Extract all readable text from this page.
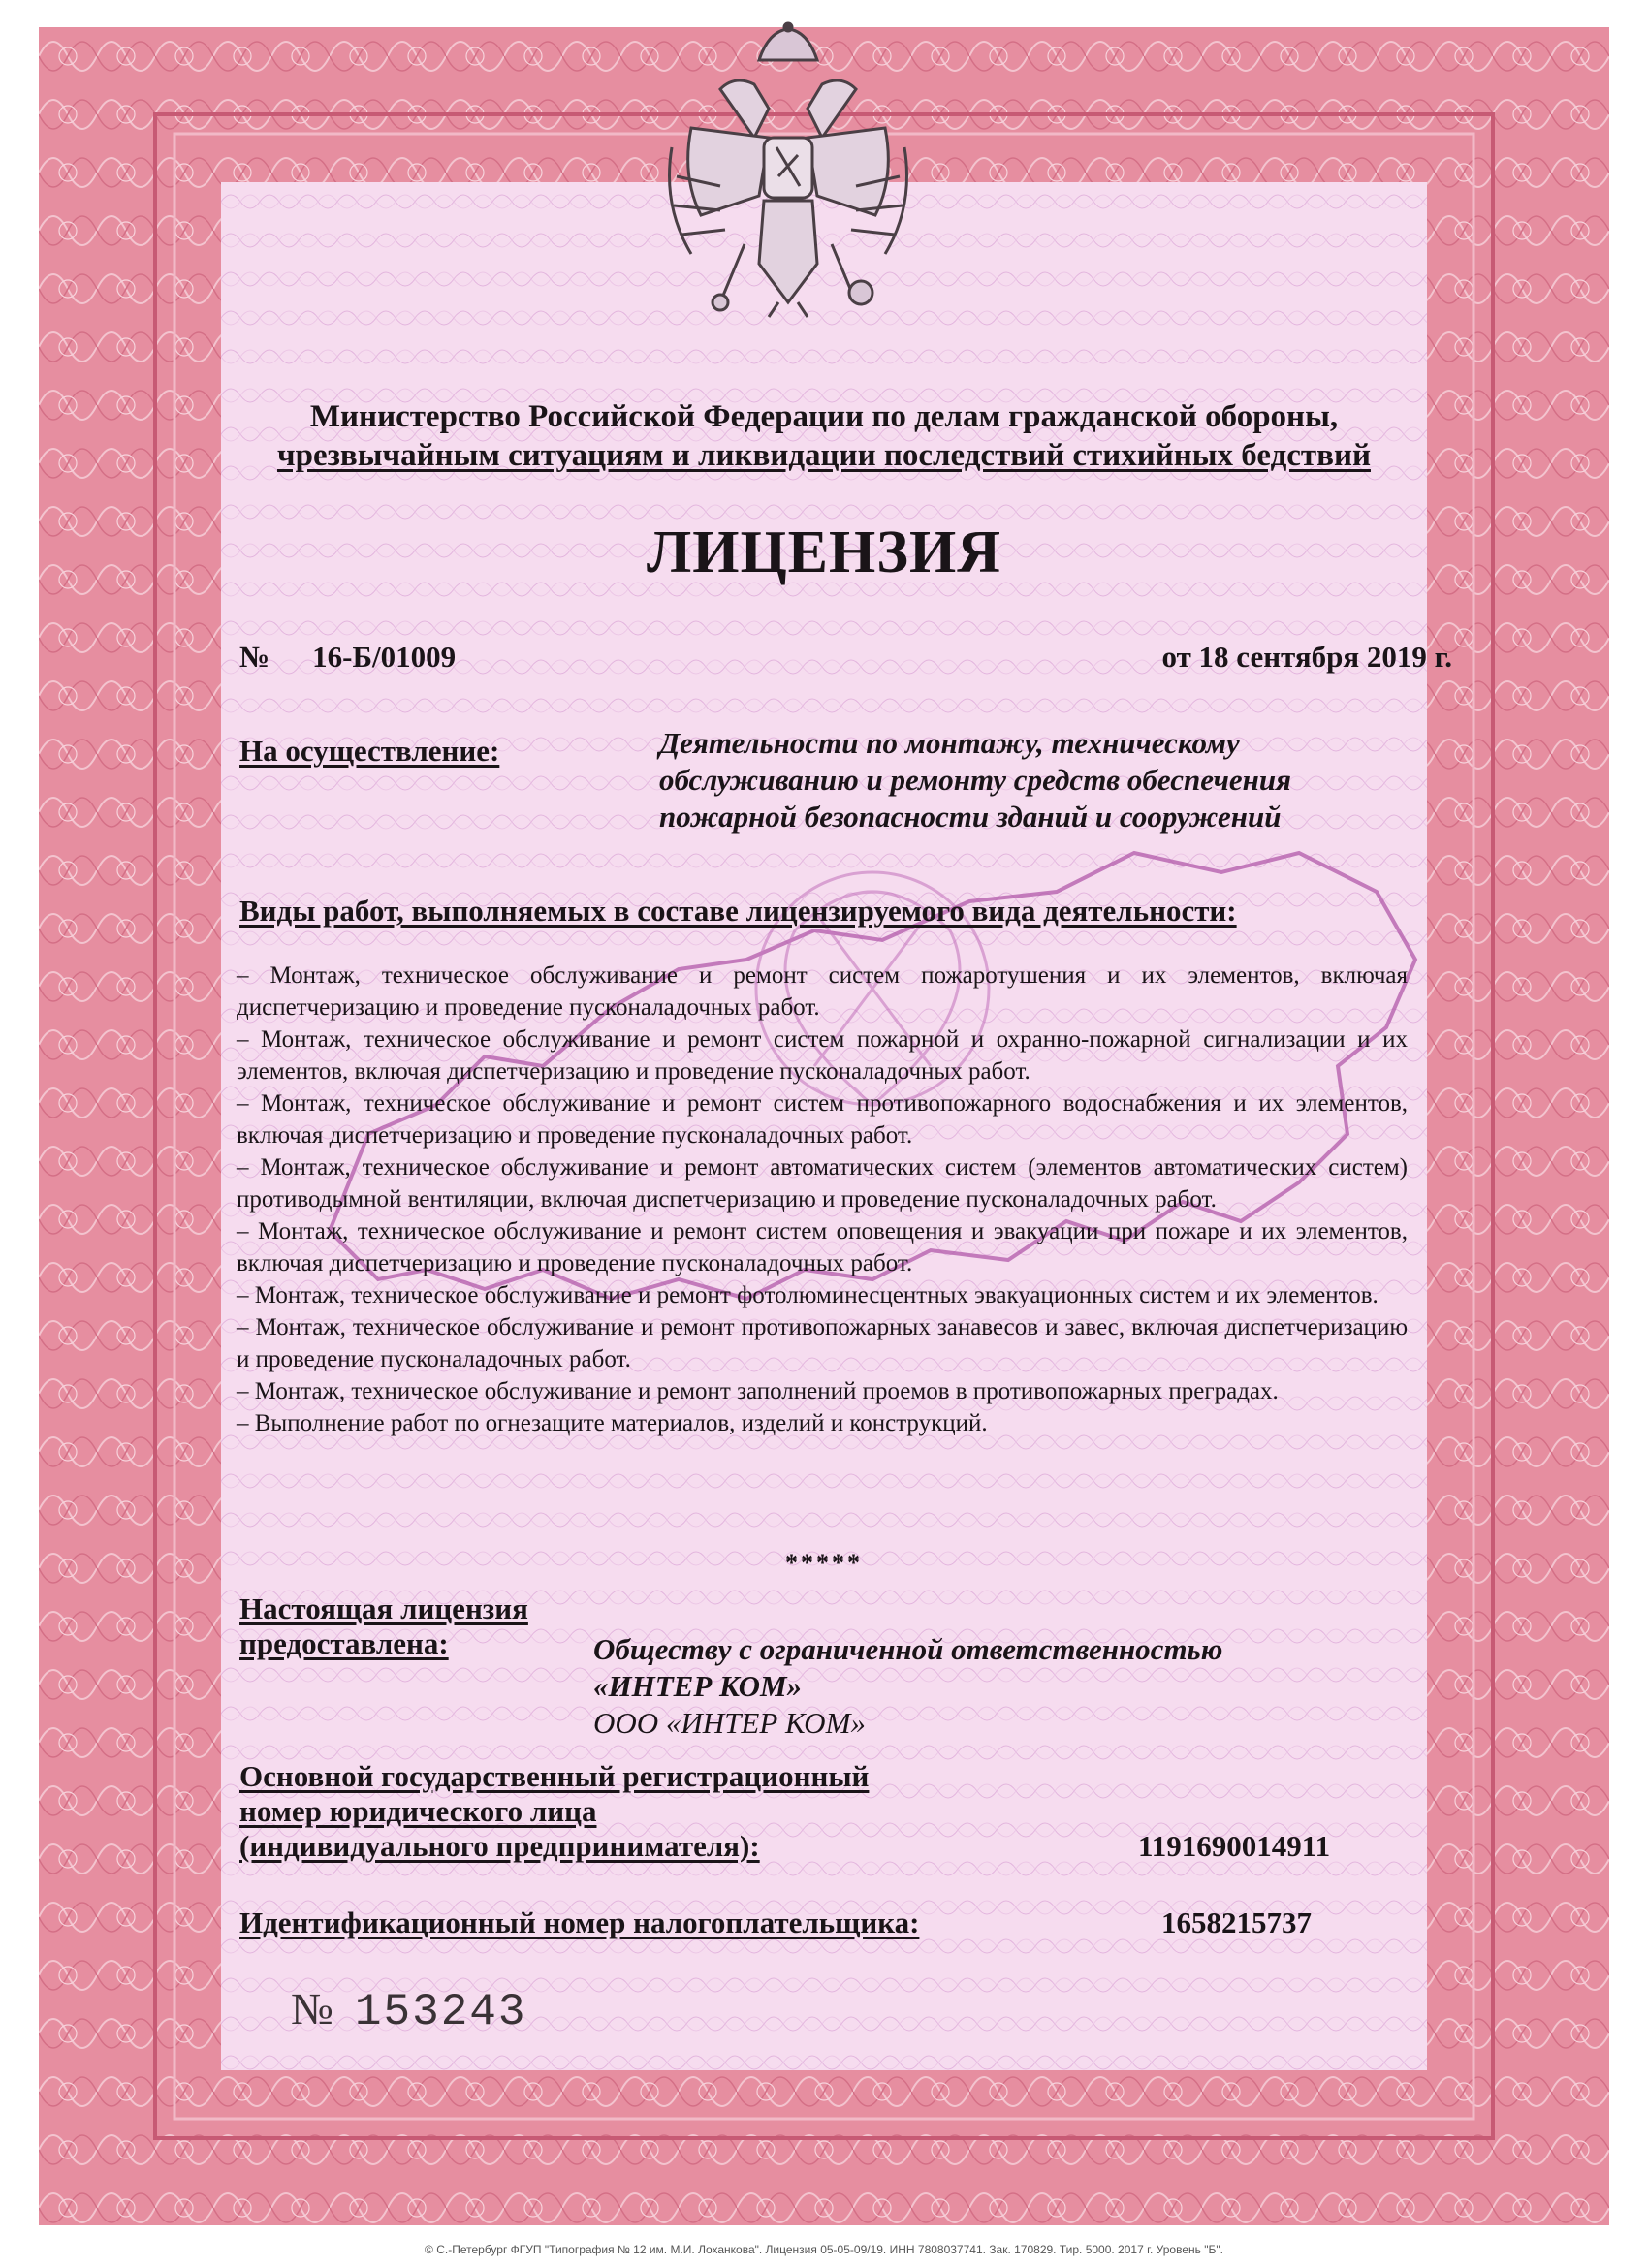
Министерство Российской Федерации по делам гражданской обороны,
чрезвычайным ситуациям и ликвидации последствий стихийных бедствий
ЛИЦЕНЗИЯ
№ 16-Б/01009	от 18 сентября 2019 г.
На осуществление:	Деятельности по монтажу, техническому
обслуживанию и ремонту средств обеспечения
пожарной безопасности зданий и сооружений
Виды работ, выполняемых в составе лицензируемого вида деятельности:

– Монтаж, техническое обслуживание и ремонт систем пожаротушения и их элементов, включая диспетчеризацию и проведение пусконаладочных работ.

– Монтаж, техническое обслуживание и ремонт систем пожарной и охранно-пожарной сигнализации и их элементов, включая диспетчеризацию и проведение пусконаладочных работ.

– Монтаж, техническое обслуживание и ремонт систем противопожарного водоснабжения и их элементов, включая диспетчеризацию и проведение пусконаладочных работ.

– Монтаж, техническое обслуживание и ремонт автоматических систем (элементов автоматических систем) противодымной вентиляции, включая диспетчеризацию и проведение пусконаладочных работ.

– Монтаж, техническое обслуживание и ремонт систем оповещения и эвакуации при пожаре и их элементов, включая диспетчеризацию и проведение пусконаладочных работ.

– Монтаж, техническое обслуживание и ремонт фотолюминесцентных эвакуационных систем и их элементов.

– Монтаж, техническое обслуживание и ремонт противопожарных занавесов и завес, включая диспетчеризацию и проведение пусконаладочных работ.

– Монтаж, техническое обслуживание и ремонт заполнений проемов в противопожарных преградах.

– Выполнение работ по огнезащите материалов, изделий и конструкций.

*****
Настоящая лицензия
предоставлена:	Обществу с ограниченной ответственностью
«ИНТЕР КОМ»
ООО «ИНТЕР КОМ»
Основной государственный регистрационный
номер юридического лица
(индивидуального предпринимателя):	1191690014911
Идентификационный номер налогоплательщика:	1658215737
№ 153243
© С.-Петербург ФГУП "Типография № 12 им. М.И. Лоханкова". Лицензия 05-05-09/19. ИНН 7808037741. Зак. 170829. Тир. 5000. 2017 г. Уровень "Б".
